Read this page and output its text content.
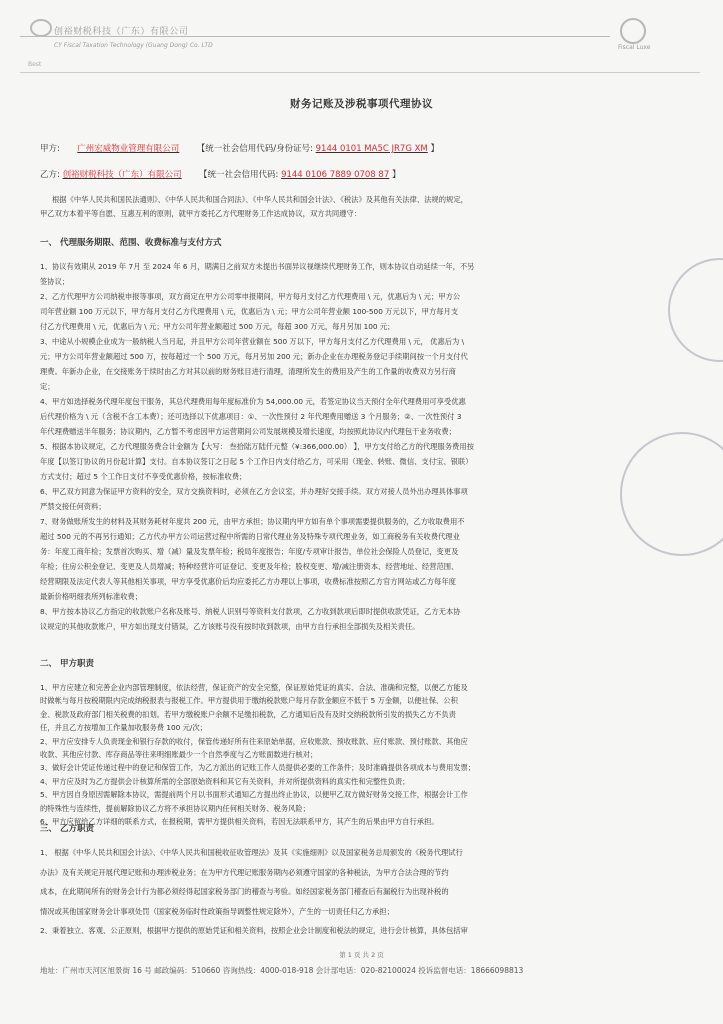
创裕财税科技（广东）有限公司
CY Fiscal Taxation Technology (Guang Dong) Co. LTD
Best
Fiscal Luxe
财务记账及涉税事项代理协议
甲方: 广州宏威物业管理有限公司 【统一社会信用代码/身份证号: 9144 0101 MA5C JR7G XM 】
乙方: 创裕财税科技（广东）有限公司 【统一社会信用代码: 9144 0106 7889 0708 87 】
根据《中华人民共和国民法通则》、《中华人民共和国合同法》、《中华人民共和国会计法》、《税法》及其他有关法律、法规的规定，
甲乙双方本着平等自愿、互惠互利的原则，就甲方委托乙方代理财务工作达成协议，双方共同遵守：
一、 代理服务期限、范围、收费标准与支付方式
1、协议有效期从 2019 年 7月 至 2024 年 6 月，期满日之前双方未提出书面异议视继续代理财务工作，则本协议自动延续一年，不另
签协议；
2、乙方代理甲方公司纳税申报等事项，双方商定在甲方公司零申报期间，甲方每月支付乙方代理费用 \ 元，优惠后为 \ 元；甲方公
司年营业额 100 万元以下，甲方每月支付乙方代理费用 \ 元，优惠后为 \ 元；甲方公司年营业额 100-500 万元以下，甲方每月支
付乙方代理费用 \ 元，优惠后为 \ 元；甲方公司年营业额超过 500 万元，每超 300 万元，每月另加 100 元；
3、中途从小规模企业成为一般纳税人当月起，并且甲方公司年营业额在 500 万以下，甲方每月支付乙方代理费用 \ 元， 优惠后为 \
元；甲方公司年营业额超过 500 万，按每超过一个 500 万元，每月另加 200 元；新办企业在办理税务登记手续期间按一个月支付代
理费。年新办企业，在交接账务于续时由乙方对其以前的财务账目进行清理，清理所发生的费用及产生的工作量的收费双方另行商
定；
4、甲方如选择税务代理年度包干服务，其总代理费用每年度标准价为 54,000.00 元，若签定协议当天预付全年代理费用可享受优惠
后代理价格为 \ 元（含税不含工本费）；还可选择以下优惠项目：①、一次性预付 2 年代理费用赠送 3 个月服务；②、一次性预付 3
年代理费赠送半年服务；协议期内，乙方暂不考虑因甲方运营期间公司发展规模及增长速度，均按照此协议内代理包干业务收费；
5、根据本协议规定，乙方代理服务费合计金额为【大写： 叁拾陆万陆仟元整（¥:366,000.00） 】，甲方支付给乙方的代理服务费用按
年度【以签订协议的月份起计算】支付。自本协议签订之日起 5 个工作日内支付给乙方，可采用（现金、转账、微信、支付宝、银联）
方式支付；超过 5 个工作日支付不享受优惠价格，按标准收费；
6、甲乙双方同意为保证甲方资料的安全，双方交换资料时，必须在乙方会议室，并办理好交接手续。双方对接人员外出办理具体事项
严禁交接任何资料；
7、财务做账所发生的材料及其财务耗材年度共 200 元，由甲方承担；协议期内甲方如有单个事项需要提供服务的，乙方收取费用不
超过 500 元的不再另行通知；乙方代办甲方公司运营过程中所需的日常代理业务及特殊专项代理业务，如工商税务有关收费代理业
务：年度工商年检；发票首次购买、增（减）量及发票年检；税局年度报告；年度/专项审计报告，单位社会保险人员登记，变更及
年检；住房公积金登记、变更及人员增减；特种经营许可证登记、变更及年检；股权变更、增/减注册资本、经营地址、经营范围、
经营期限及法定代表人等其他相关事项，甲方享受优惠价后均应委托乙方办理以上事项，收费标准按照乙方官方网站或乙方每年度
最新价格明细表所列标准收费；
8、甲方按本协议乙方指定的收款账户名称及账号、纳税人识别号等资料支付款项，乙方收到款项后即时提供收款凭证，乙方无本协
议规定的其他收款账户，甲方如出现支付错误，乙方该账号没有按时收到款项，由甲方自行承担全部损失及相关责任。
二、 甲方职责
1、甲方应建立和完善企业内部管理制度，依法经营，保证资产的安全完整，保证原始凭证的真实、合法、准确和完整，以便乙方能及
时做帐与每月按税期限内完成纳税报表与报税工作。甲方提供用于缴纳税款账户每月存款金额应不低于 5 万金额，以便社保、公积
金、税款及政府部门相关税费的扣划。若甲方缴税账户余额不足缴扣税款，乙方通知后没有及时交纳税款所引发的损失乙方不负责
任，并且乙方按增加工作量加收服务费 100 元/次；
2、甲方应安排专人负责现金和银行存款的收付，保管传递好所有往来原始单据，应收账款、预收账款、应付账款、预付账款、其他应
收款、其他应付款、库存商品等往来明细账最少一个自然季度与乙方账面数进行核对；
3、做好会计凭证传递过程中的登记和保管工作，为乙方派出的记账工作人员提供必要的工作条件；及时准确提供各项成本与费用发票；
4、甲方应及时为乙方提供会计核算所需的全部原始资料和其它有关资料，并对所提供资料的真实性和完整性负责；
5、甲方因自身原因需解除本协议，需提前两个月以书面形式通知乙方提出终止协议，以便甲乙双方做好财务交接工作，根据会计工作
的特殊性与连续性，提前解除协议乙方将不承担协议期内任何相关财务、税务风险；
6、甲方应留给乙方详细的联系方式，在报税期，需甲方提供相关资料，若因无法联系甲方，其产生的后果由甲方自行承担。
三、 乙方职责
1、 根据《中华人民共和国会计法》、《中华人民共和国税收征收管理法》及其《实施细则》以及国家税务总局颁发的《税务代理试行
办法》及有关规定开展代理记账和办理涉税业务；在为甲方代理记账服务期内必须遵守国家的各种税法，为甲方合法合理的节约
成本，在此期间所有的财务会计行为都必须经得起国家税务部门的稽查与考验。如经国家税务部门稽查后有漏税行为出现补税的
情况或其他国家财务会计事项处罚（国家税务临时性政策指导调整性规定除外），产生的一切责任归乙方承担；
2、秉着独立、客观、公正原则，根据甲方提供的原始凭证和相关资料，按照企业会计制度和税法的规定，进行会计核算，具体包括审
第 1 页 共 2 页
地址：广州市天河区旭景街 16 号 邮政编码：510660 咨询热线：4000-018-918 会计部电话：020-82100024 投诉监督电话：18666098813
